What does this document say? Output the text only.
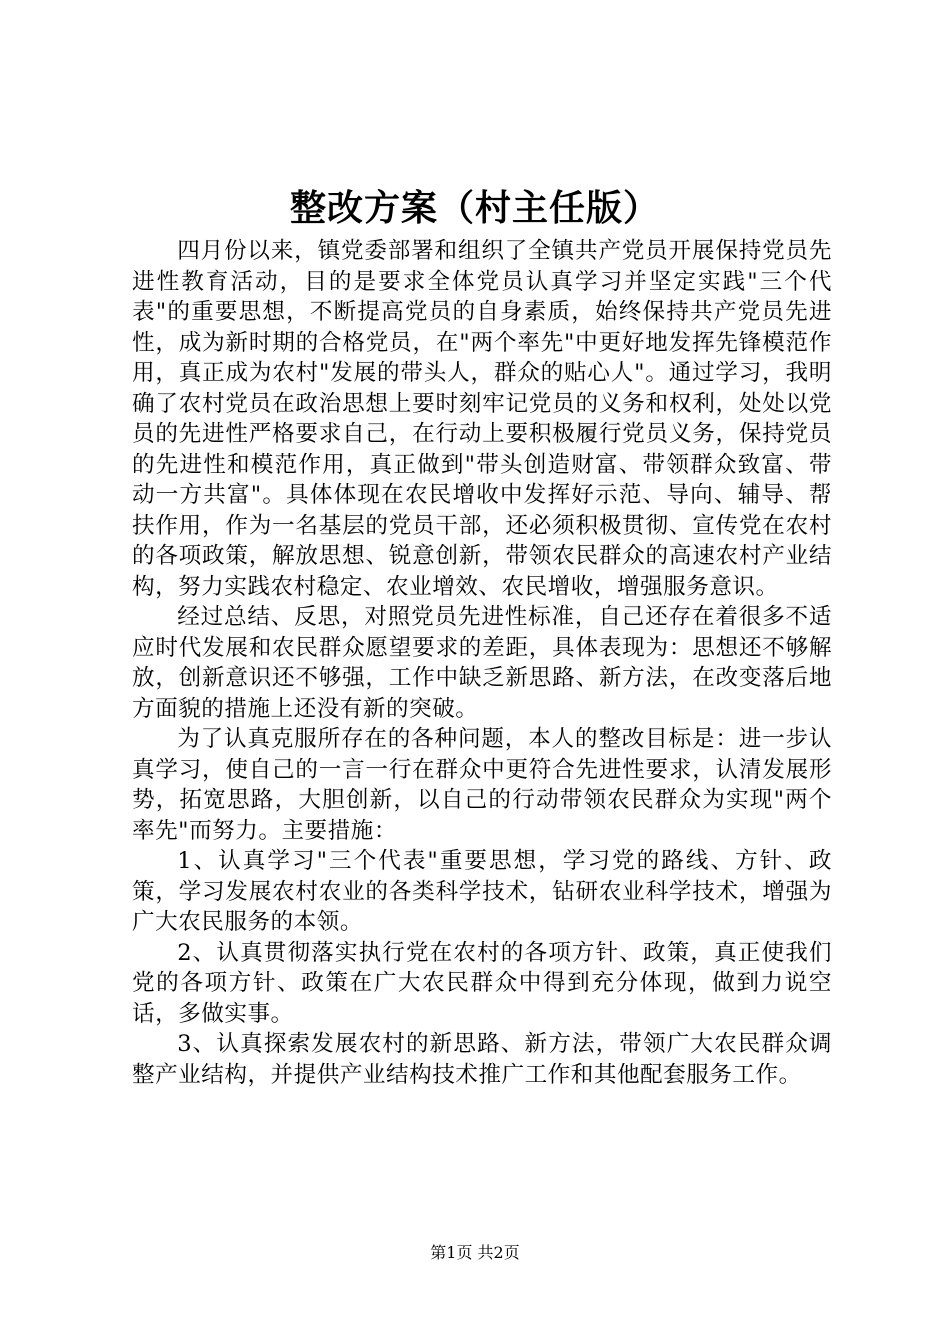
整改方案（村主任版）

四月份以来，镇党委部署和组织了全镇共产党员开展保持党员先进性教育活动，目的是要求全体党员认真学习并坚定实践"三个代表"的重要思想，不断提高党员的自身素质，始终保持共产党员先进性，成为新时期的合格党员，在"两个率先"中更好地发挥先锋模范作用，真正成为农村"发展的带头人，群众的贴心人"。通过学习，我明确了农村党员在政治思想上要时刻牢记党员的义务和权利，处处以党员的先进性严格要求自己，在行动上要积极履行党员义务，保持党员的先进性和模范作用，真正做到"带头创造财富、带领群众致富、带动一方共富"。具体体现在农民增收中发挥好示范、导向、辅导、帮扶作用，作为一名基层的党员干部，还必须积极贯彻、宣传党在农村的各项政策，解放思想、锐意创新，带领农民群众的高速农村产业结构，努力实践农村稳定、农业增效、农民增收，增强服务意识。

经过总结、反思，对照党员先进性标准，自己还存在着很多不适应时代发展和农民群众愿望要求的差距，具体表现为：思想还不够解放，创新意识还不够强，工作中缺乏新思路、新方法，在改变落后地方面貌的措施上还没有新的突破。

为了认真克服所存在的各种问题，本人的整改目标是：进一步认真学习，使自己的一言一行在群众中更符合先进性要求，认清发展形势，拓宽思路，大胆创新，以自己的行动带领农民群众为实现"两个率先"而努力。主要措施：

1、认真学习"三个代表"重要思想，学习党的路线、方针、政策，学习发展农村农业的各类科学技术，钻研农业科学技术，增强为广大农民服务的本领。

2、认真贯彻落实执行党在农村的各项方针、政策，真正使我们党的各项方针、政策在广大农民群众中得到充分体现，做到力说空话，多做实事。

3、认真探索发展农村的新思路、新方法，带领广大农民群众调整产业结构，并提供产业结构技术推广工作和其他配套服务工作。

第1页 共2页
